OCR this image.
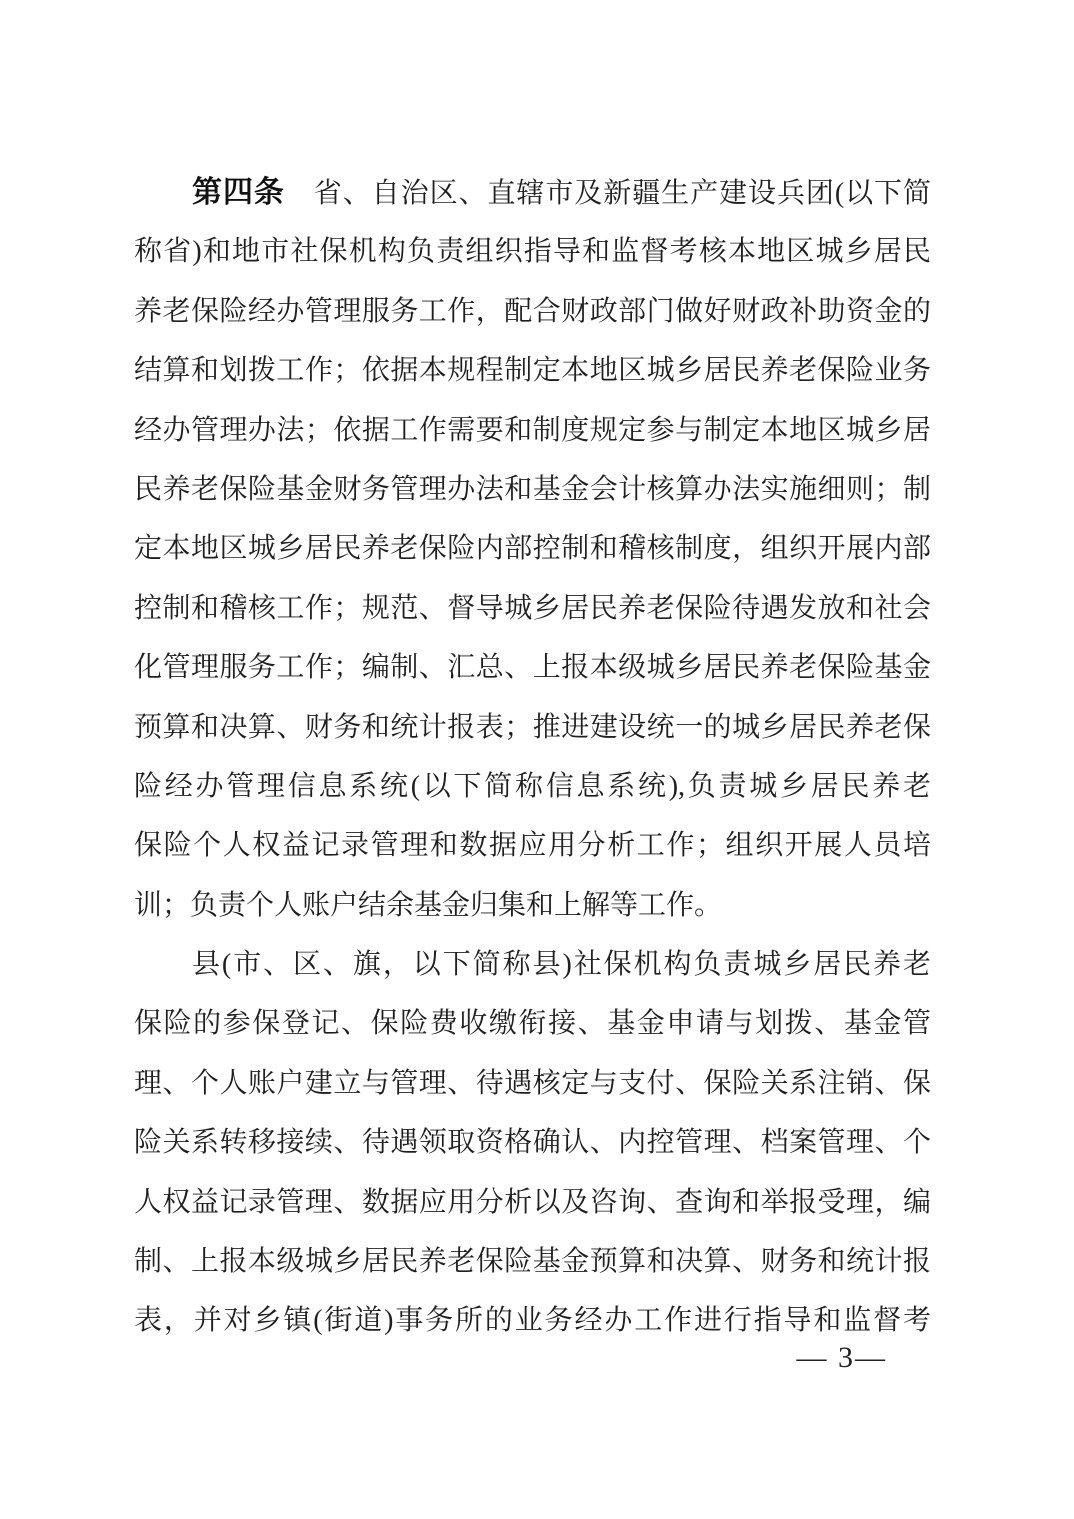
第四条　省、自治区、直辖市及新疆生产建设兵团(以下简
称省)和地市社保机构负责组织指导和监督考核本地区城乡居民
养老保险经办管理服务工作，配合财政部门做好财政补助资金的
结算和划拨工作；依据本规程制定本地区城乡居民养老保险业务
经办管理办法；依据工作需要和制度规定参与制定本地区城乡居
民养老保险基金财务管理办法和基金会计核算办法实施细则；制
定本地区城乡居民养老保险内部控制和稽核制度，组织开展内部
控制和稽核工作；规范、督导城乡居民养老保险待遇发放和社会
化管理服务工作；编制、汇总、上报本级城乡居民养老保险基金
预算和决算、财务和统计报表；推进建设统一的城乡居民养老保
险经办管理信息系统(以下简称信息系统),负责城乡居民养老
保险个人权益记录管理和数据应用分析工作；组织开展人员培
训；负责个人账户结余基金归集和上解等工作。
县(市、区、旗，以下简称县)社保机构负责城乡居民养老
保险的参保登记、保险费收缴衔接、基金申请与划拨、基金管
理、个人账户建立与管理、待遇核定与支付、保险关系注销、保
险关系转移接续、待遇领取资格确认、内控管理、档案管理、个
人权益记录管理、数据应用分析以及咨询、查询和举报受理，编
制、上报本级城乡居民养老保险基金预算和决算、财务和统计报
表，并对乡镇(街道)事务所的业务经办工作进行指导和监督考
— 3—
